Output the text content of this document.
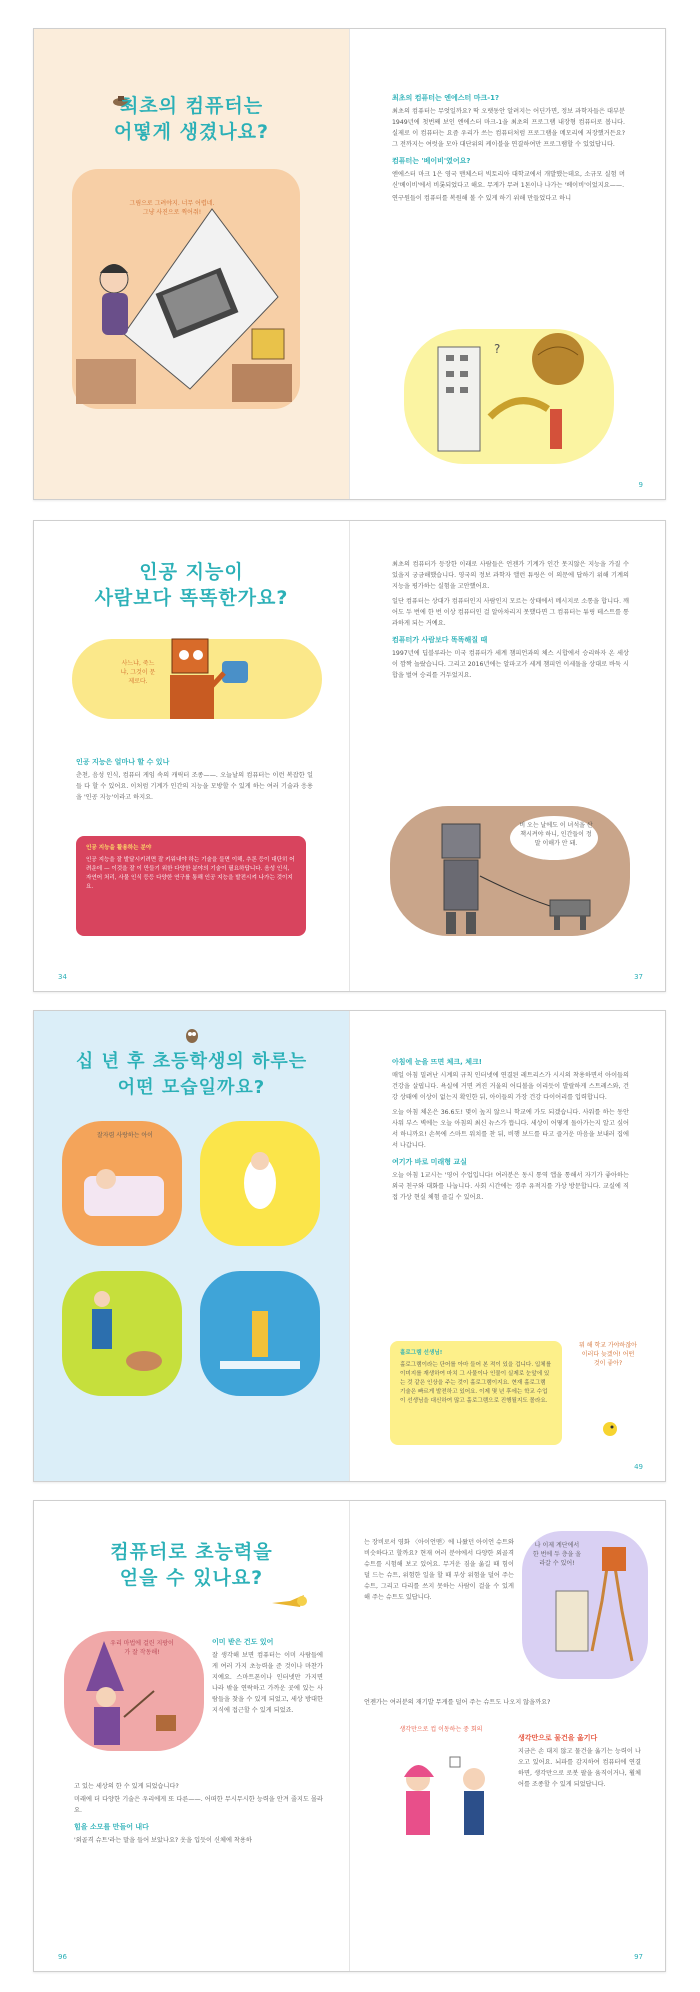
최초의 컴퓨터는
어떻게 생겼나요?
그림으로 그려야지. 너무 어렵네. 그냥 사진으로 찍어줘!
최초의 컴퓨터는 엔에스터 마크-1?
최초의 컴퓨터는 무엇일까요? 딱 오랫동안 알려지는 어딘가면, 정보 과학자들은 대부분 1949년에 첫번째 보인 엔에스터 마크-1을 최초의 프로그램 내장형 컴퓨터로 봅니다. 실제로 이 컴퓨터는 요즘 우리가 쓰는 컴퓨터처럼 프로그램을 메모리에 저장했거든요? 그 전까지는 여럿을 모아 대단위의 케이블을 연결하여만 프로그램할 수 있었답니다.
컴퓨터는 '베이비'였어요?
엔에스터 마크 1은 영국 맨체스터 빅토리아 대학교에서 개발했는데요, 소규모 실험 머신'베이비'에서 비롯되었다고 해요. 무게가 무려 1톤이나 나가는 '베이비'이었지요——.
연구원들이 컴퓨터를 복원해 볼 수 있게 하기 위해 만들었다고 하니
?
9
인공 지능이
사람보다 똑똑한가요?
사느냐, 죽느냐, 그것이 문제로다.
인공 지능은 얼마나 할 수 있나
춘천, 음성 인식, 컴퓨터 게임 속의 캐릭터 조종——. 오늘날의 컴퓨터는 이런 복잡한 일들 다 할 수 있어요. 이처럼 기계가 인간의 지능을 모방할 수 있게 하는 여러 기술과 응용을 '인공 지능'이라고 하지요.
인공 지능을 활용하는 분야
인공 지능을 잘 발달시키려면 잘 키워내야 하는 기술을 들면 이해, 추론 등이 대단히 어려운데 — 이것을 잘 이 만들기 위한 다양한 분야의 기술이 필요하답니다. 음성 인식, 자연어 처리, 사물 인식 등등 다양한 연구를 통해 인공 지능을 발전시켜 나가는 것이지요.
34
최초의 컴퓨터가 등장한 이래로 사람들은 언젠가 기계가 인간 못지않은 지능을 가질 수 있을지 궁금해했습니다. 영국의 정보 과학자 앨런 튜링은 이 의문에 답하기 위해 기계의 지능을 평가하는 실험을 고안했어요.
일단 컴퓨터는 상대가 컴퓨터인지 사람인지 모르는 상태에서 메시지로 소통을 합니다. 깨어도 두 번에 한 번 이상 컴퓨터인 걸 알아차리지 못했다면 그 컴퓨터는 튜링 테스트를 통과하게 되는 거예요.
컴퓨터가 사람보다 똑똑해질 때
1997년에 딥블루라는 미국 컴퓨터가 세계 챔피언과의 체스 시합에서 승리하자 온 세상이 깜짝 놀랐습니다. 그리고 2016년에는 알파고가 세계 챔피언 이세돌을 상대로 바둑 시합을 벌여 승리를 거두었지요.
비 오는 날에도 이 녀석을 산책시켜야 하니, 인간들이 정말 이해가 안 돼.
37
십 년 후 초등학생의 하루는
어떤 모습일까요?
잘자렴 사랑하는 아이
아침에 눈을 뜨면 체크, 체크!
매일 아침 밀려난 시계의 규칙 인터넷에 연결된 레트리스가 시시의 착용하면서 아이들의 건강을 살핍니다. 욕실에 거면 켜진 거울의 어디볼을 이리듯이 발랄하게 스트레스와, 건강 상태에 이상이 없는지 확인한 뒤, 아이들의 가장 건강 다이어리를 입력합니다.
오늘 아침 체온은 36.6도! 몇이 높지 않으니 학교에 가도 되겠습니다. 사워를 하는 동안 사워 부스 벽에는 오늘 아침의 최신 뉴스가 뜹니다. 세상이 어떻게 돌아가는지 알고 싶어서 하니까요! 손목에 스마트 워치를 찬 뒤, 비행 보드를 타고 즐거운 마음을 보내러 집에서 나갑니다.
여기가 바로 미래형 교실
오늘 아침 1교시는 '영어 수업입니다! 여러분은 동시 통역 앱을 통해서 자기가 좋아하는 외국 친구와 대화를 나눕니다. 사회 시간에는 경주 유적지를 가상 방문합니다. 교실에 직접 가상 현실 체험 즐길 수 있어요.
홀로그램 선생님!
홀로그램이라는 단어를 아마 들어 본 적이 있을 겁니다. 입체를 이미지를 재생하여 마치 그 사물이나 인물이 실제로 눈앞에 있는 것 같은 인상을 주는 것이 홀로그램이지요. 현재 홀로그램 기술은 빠르게 발전하고 있어요. 이제 몇 년 후에는 학교 수업이 선생님을 대신하여 많고 홀로그램으로 진행될지도 몰라요.
뭐 해 학교 가야하잖아 이러다 늦겠어! 어떤 것이 좋아?
49
컴퓨터로 초능력을
얻을 수 있나요?
우리 마법에 걸린 지팡이가 잘 작동해!
이미 받은 건도 있어
잘 생각해 보면 컴퓨터는 이미 사람들에게 여러 가지 초능력을 준 것이나 마찬가지예요. 스마트폰이나 인터넷만 가지면 나라 밖을 연락하고 가까운 곳에 있는 사람들을 찾을 수 있게 되었고, 세상 방대한 지식에 접근할 수 있게 되었죠.
고 있는 세상의 한 수 있게 되었습니다?
미래에 더 다양한 기술은 우리에게 또 다른——. 어떠한 무시무시한 능력을 안겨 줄지도 몰라요.
힘을 소모를 만들어 내다
'외골격 슈트'라는 말을 들어 보았나요? 옷을 입듯이 신체에 착용하
96
는 장비로서 영화 〈아이언맨〉에 나왔던 아이언 슈트와 비슷하다고 할까요? 현재 여러 분야에서 다양한 외골격 슈트를 시험해 보고 있어요. 무거운 짐을 옮길 때 힘이 덜 드는 슈트, 위험한 일을 할 때 부상 위험을 덜어 주는 슈트, 그리고 다리를 쓰지 못하는 사람이 걸을 수 있게 해 주는 슈트도 있답니다.
나 이제 계단에서 한 번에 두 층을 올라갈 수 있어!
언젠가는 여러분의 재기발 무게를 덜어 주는 슈트도 나오지 않을까요?
생각만으로 물건을 옮기다
지금은 손 대지 않고 물건을 옮기는 능력이 나오고 있어요. 뇌파를 감지하여 컴퓨터에 연결하면, 생각만으로 로봇 팔을 움직이거나, 휠체어를 조종할 수 있게 되었답니다.
생각만으로 컵 이동하는 중 회의
97
